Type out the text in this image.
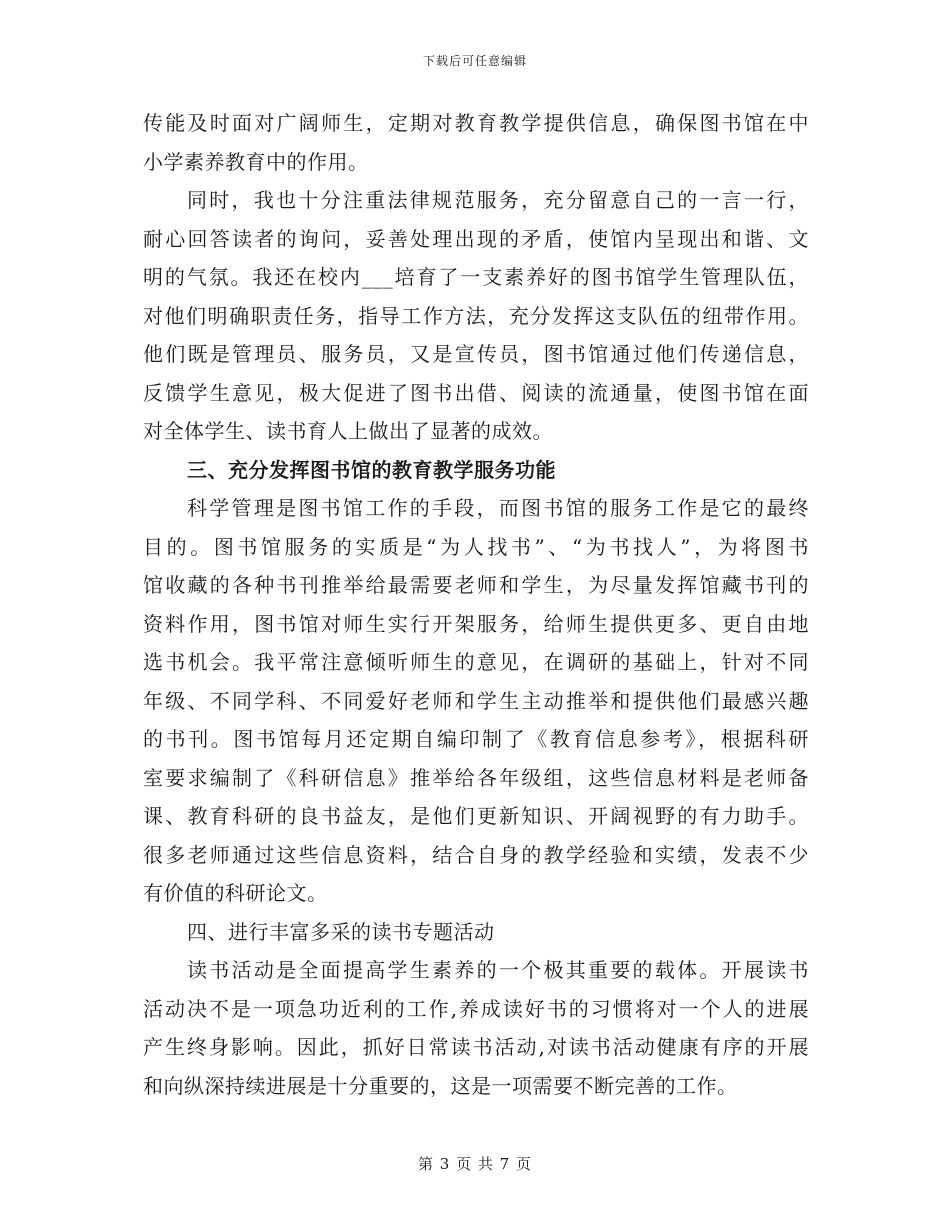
下载后可任意编辑
传能及时面对广阔师生，定期对教育教学提供信息，确保图书馆在中
小学素养教育中的作用。
同时，我也十分注重法律规范服务，充分留意自己的一言一行，
耐心回答读者的询问，妥善处理出现的矛盾，使馆内呈现出和谐、文
明的气氛。我还在校内___培育了一支素养好的图书馆学生管理队伍，
对他们明确职责任务，指导工作方法，充分发挥这支队伍的纽带作用。
他们既是管理员、服务员，又是宣传员，图书馆通过他们传递信息，
反馈学生意见，极大促进了图书出借、阅读的流通量，使图书馆在面
对全体学生、读书育人上做出了显著的成效。
三、充分发挥图书馆的教育教学服务功能
科学管理是图书馆工作的手段，而图书馆的服务工作是它的最终
目的。图书馆服务的实质是“为人找书”、“为书找人”，为将图书
馆收藏的各种书刊推举给最需要老师和学生，为尽量发挥馆藏书刊的
资料作用，图书馆对师生实行开架服务，给师生提供更多、更自由地
选书机会。我平常注意倾听师生的意见，在调研的基础上，针对不同
年级、不同学科、不同爱好老师和学生主动推举和提供他们最感兴趣
的书刊。图书馆每月还定期自编印制了《教育信息参考》，根据科研
室要求编制了《科研信息》推举给各年级组，这些信息材料是老师备
课、教育科研的良书益友，是他们更新知识、开阔视野的有力助手。
很多老师通过这些信息资料，结合自身的教学经验和实绩，发表不少
有价值的科研论文。
四、进行丰富多采的读书专题活动
读书活动是全面提高学生素养的一个极其重要的载体。开展读书
活动决不是一项急功近利的工作,养成读好书的习惯将对一个人的进展
产生终身影响。因此，抓好日常读书活动,对读书活动健康有序的开展
和向纵深持续进展是十分重要的，这是一项需要不断完善的工作。
第 3 页 共 7 页
